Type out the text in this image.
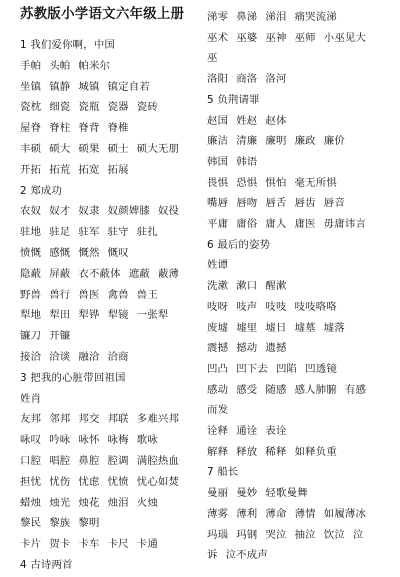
苏教版小学语文六年级上册
1 我们爱你啊，中国
手帕 头帕 帕米尔
坐镇 镇静 城镇 镇定自若
瓷枕 细瓷 瓷瓶 瓷器 瓷砖
屋脊 脊柱 脊背 脊椎
丰硕 硕大 硕果 硕士 硕大无朋
开拓 拓荒 拓宽 拓展
2 郑成功
农奴 奴才 奴隶 奴颜婢膝 奴役
驻地 驻足 驻军 驻守 驻扎
愤慨 感慨 慨然 慨叹
隐蔽 屏蔽 衣不蔽体 遮蔽 蔽薄
野兽 兽行 兽医 禽兽 兽王
犁地 犁田 犁铧 犁镜 一张犁
镰刀 开镰
接洽 洽谈 融洽 洽商
3 把我的心脏带回祖国
姓肖
友邦 邻邦 邦交 邦联 多难兴邦
咏叹 吟咏 咏怀 咏梅 歌咏
口腔 唱腔 鼻腔 腔调 满腔热血
担忧 忧伤 忧虑 忧愤 忧心如焚
蜡烛 烛光 烛花 烛泪 火烛
黎民 黎族 黎明
卡片 贺卡 卡车 卡尺 卡通
4 古诗两首
涕零 鼻涕 涕泪 痛哭流涕
巫术 巫婆 巫神 巫师 小巫见大
巫
洛阳 商洛 洛河
5 负荆请罪
赵国 姓赵 赵体
廉洁 清廉 廉明 廉政 廉价
韩国 韩语
畏惧 恐惧 惧怕 毫无所惧
嘴唇 唇吻 唇舌 唇齿 唇音
平庸 庸俗 庸人 庸医 毋庸讳言
6 最后的姿势
姓谭
洗漱 漱口 醒漱
吱呀 吱声 吱吱 吱吱咯咯
废墟 墟里 墟日 墟墓 墟落
震撼 撼动 遗撼
凹凸 凹下去 凹陷 凹透镜
感动 感受 随感 感人肺腑 有感
而发
诠释 通诠 表诠
解释 释放 稀释 如释负重
7 船长
曼丽 曼妙 轻歌曼舞
薄雾 薄利 薄命 薄情 如履薄冰
玛瑙 玛钢 哭泣 抽泣 饮泣 泣
诉 泣不成声
